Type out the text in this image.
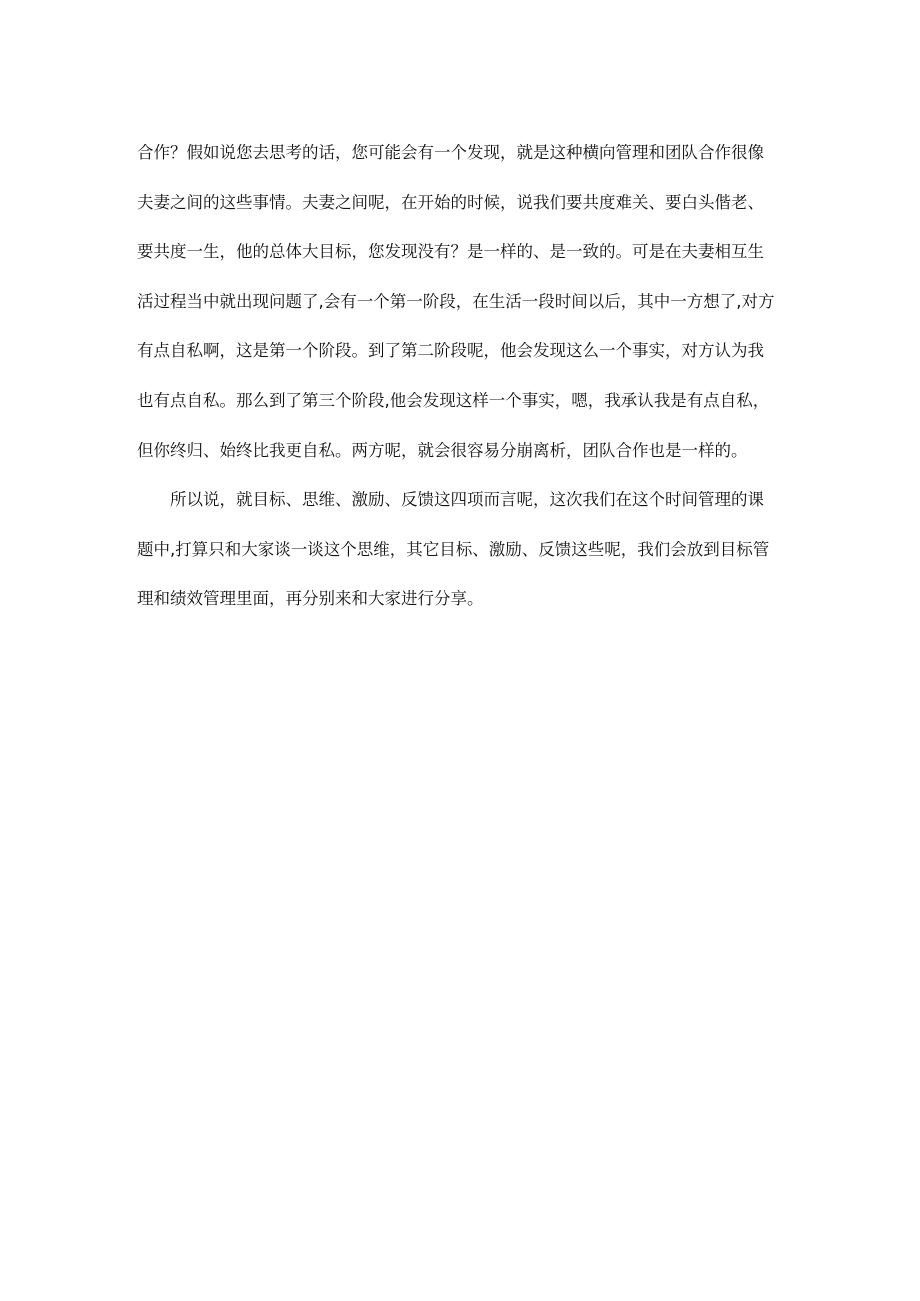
合作？假如说您去思考的话，您可能会有一个发现，就是这种横向管理和团队合作很像
夫妻之间的这些事情。夫妻之间呢，在开始的时候，说我们要共度难关、要白头偕老、
要共度一生，他的总体大目标，您发现没有？是一样的、是一致的。可是在夫妻相互生
活过程当中就出现问题了,会有一个第一阶段，在生活一段时间以后，其中一方想了,对方
有点自私啊，这是第一个阶段。到了第二阶段呢，他会发现这么一个事实，对方认为我
也有点自私。那么到了第三个阶段,他会发现这样一个事实，嗯，我承认我是有点自私，
但你终归、始终比我更自私。两方呢，就会很容易分崩离析，团队合作也是一样的。
所以说，就目标、思维、激励、反馈这四项而言呢，这次我们在这个时间管理的课
题中,打算只和大家谈一谈这个思维，其它目标、激励、反馈这些呢，我们会放到目标管
理和绩效管理里面，再分别来和大家进行分享。
